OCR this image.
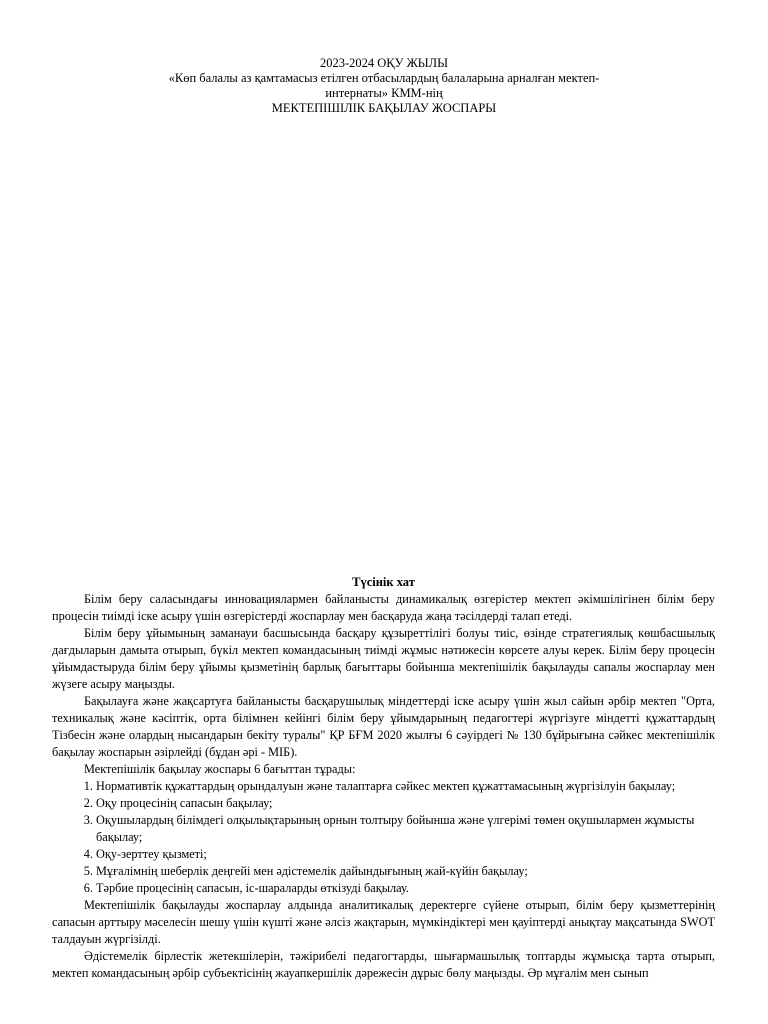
2023-2024 ОҚУ ЖЫЛЫ
«Көп балалы аз қамтамасыз етілген отбасылардың балаларына арналған мектеп-
интернаты» КММ-нің
МЕКТЕПІШІЛІК БАҚЫЛАУ ЖОСПАРЫ
Түсінік хат

Білім беру саласындағы инновациялармен байланысты динамикалық өзгерістер мектеп әкімшілігінен білім беру процесін тиімді іске асыру үшін өзгерістерді жоспарлау мен басқаруда жаңа тәсілдерді талап етеді.

Білім беру ұйымының заманауи басшысында басқару құзыреттілігі болуы тиіс, өзінде стратегиялық көшбасшылық дағдыларын дамыта отырып, бүкіл мектеп командасының тиімді жұмыс нәтижесін көрсете алуы керек. Білім беру процесін ұйымдастыруда білім беру ұйымы қызметінің барлық бағыттары бойынша мектепішілік бақылауды сапалы жоспарлау мен жүзеге асыру маңызды.

Бақылауға және жақсартуға байланысты басқарушылық міндеттерді іске асыру үшін жыл сайын әрбір мектеп "Орта, техникалық және кәсіптік, орта білімнен кейінгі білім беру ұйымдарының педагогтері жүргізуге міндетті құжаттардың Тізбесін және олардың нысандарын бекіту туралы" ҚР БҒМ 2020 жылғы 6 сәуірдегі № 130 бұйрығына сәйкес мектепішілік бақылау жоспарын әзірлейді (бұдан әрі - МІБ).

Мектепішілік бақылау жоспары 6 бағыттан тұрады:

1. Нормативтік құжаттардың орындалуын және талаптарға сәйкес мектеп құжаттамасының жүргізілуін бақылау;
2. Оқу процесінің сапасын бақылау;
3. Оқушылардың білімдегі олқылықтарының орнын толтыру бойынша және үлгерімі төмен оқушылармен жұмысты бақылау;
4. Оқу-зерттеу қызметі;
5. Мұғалімнің шеберлік деңгейі мен әдістемелік дайындығының жай-күйін бақылау;
6. Тәрбие процесінің сапасын, іс-шараларды өткізуді бақылау.

Мектепішілік бақылауды жоспарлау алдында аналитикалық деректерге сүйене отырып, білім беру қызметтерінің сапасын арттыру мәселесін шешу үшін күшті және әлсіз жақтарын, мүмкіндіктері мен қауіптерді анықтау мақсатында SWOT талдауын жүргізілді.

Әдістемелік бірлестік жетекшілерін, тәжірибелі педагогтарды, шығармашылық топтарды жұмысқа тарта отырып, мектеп командасының әрбір субъектісінің жауапкершілік дәрежесін дұрыс бөлу маңызды. Әр мұғалім мен сынып
